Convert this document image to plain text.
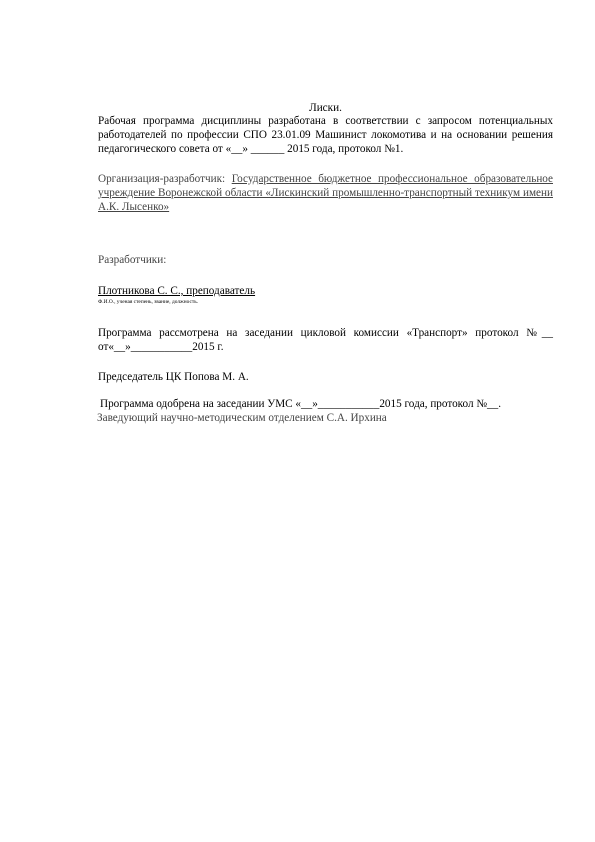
Лиски.
Рабочая программа дисциплины разработана в соответствии с запросом потенциальных работодателей по профессии СПО 23.01.09 Машинист локомотива и на основании решения педагогического совета от «__» ______ 2015 года, протокол №1.
Организация-разработчик: Государственное бюджетное профессиональное образовательное учреждение Воронежской области «Лискинский промышленно-транспортный техникум имени А.К. Лысенко»
Разработчики:
Плотникова С. С., преподаватель
Ф.И.О., ученая степень, звание, должность.
Программа рассмотрена на заседании цикловой комиссии «Транспорт» протокол №__ от«__»___________2015 г.
Председатель ЦК Попова М. А.
Программа одобрена на заседании УМС «__»___________2015 года, протокол №__.
Заведующий научно-методическим отделением С.А. Ирхина
